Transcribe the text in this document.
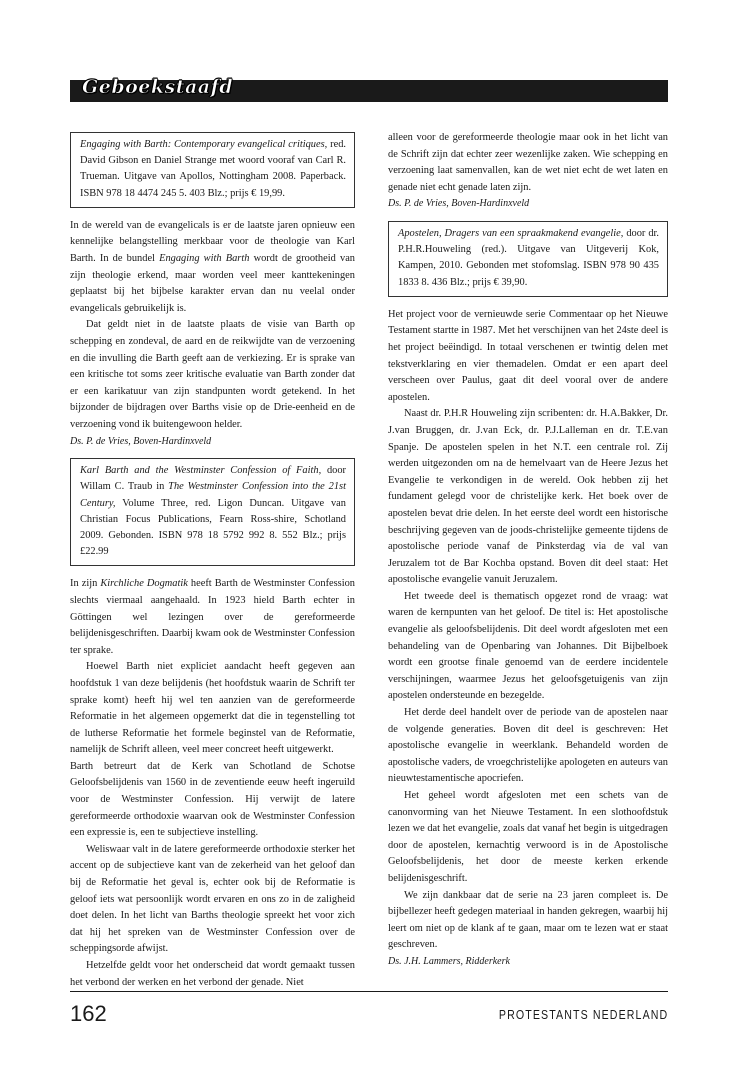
Geboekstaafd
Engaging with Barth: Contemporary evangelical critiques, red. David Gibson en Daniel Strange met woord vooraf van Carl R. Trueman. Uitgave van Apollos, Nottingham 2008. Paperback. ISBN 978 18 4474 245 5. 403 Blz.; prijs € 19,99.

In de wereld van de evangelicals is er de laatste jaren opnieuw een kennelijke belangstelling merkbaar voor de theologie van Karl Barth. In de bundel Engaging with Barth wordt de grootheid van zijn theologie erkend, maar worden veel meer kanttekeningen geplaatst bij het bijbelse karakter ervan dan nu veelal onder evangelicals gebruikelijk is.

Dat geldt niet in de laatste plaats de visie van Barth op schepping en zondeval, de aard en de reikwijdte van de verzoening en die invulling die Barth geeft aan de verkiezing. Er is sprake van een kritische tot soms zeer kritische evaluatie van Barth zonder dat er een karikatuur van zijn standpunten wordt getekend. In het bijzonder de bijdragen over Barths visie op de Drie-eenheid en de verzoening vond ik buitengewoon helder.

Ds. P. de Vries, Boven-Hardinxveld

Karl Barth and the Westminster Confession of Faith, door Willam C. Traub in The Westminster Confession into the 21st Century, Volume Three, red. Ligon Duncan. Uitgave van Christian Focus Publications, Fearn Ross-shire, Schotland 2009. Gebonden. ISBN 978 18 5792 992 8. 552 Blz.; prijs £22.99

In zijn Kirchliche Dogmatik heeft Barth de Westminster Confession slechts viermaal aangehaald. In 1923 hield Barth echter in Göttingen wel lezingen over de gereformeerde belijdenisgeschriften. Daarbij kwam ook de Westminster Confession ter sprake.

Hoewel Barth niet expliciet aandacht heeft gegeven aan hoofdstuk 1 van deze belijdenis (het hoofdstuk waarin de Schrift ter sprake komt) heeft hij wel ten aanzien van de gereformeerde Reformatie in het algemeen opgemerkt dat die in tegenstelling tot de lutherse Reformatie het formele beginstel van de Reformatie, namelijk de Schrift alleen, veel meer concreet heeft uitgewerkt.

Barth betreurt dat de Kerk van Schotland de Schotse Geloofsbelijdenis van 1560 in de zeventiende eeuw heeft ingeruild voor de Westminster Confession. Hij verwijt de latere gereformeerde orthodoxie waarvan ook de Westminster Confession een expressie is, een te subjectieve instelling.

Weliswaar valt in de latere gereformeerde orthodoxie sterker het accent op de subjectieve kant van de zekerheid van het geloof dan bij de Reformatie het geval is, echter ook bij de Reformatie is geloof iets wat persoonlijk wordt ervaren en ons zo in de zaligheid doet delen. In het licht van Barths theologie spreekt het voor zich dat hij het spreken van de Westminster Confession over de scheppingsorde afwijst.

Hetzelfde geldt voor het onderscheid dat wordt gemaakt tussen het verbond der werken en het verbond der genade. Niet

alleen voor de gereformeerde theologie maar ook in het licht van de Schrift zijn dat echter zeer wezenlijke zaken. Wie schepping en verzoening laat samenvallen, kan de wet niet echt de wet laten en genade niet echt genade laten zijn.

Ds. P. de Vries, Boven-Hardinxveld

Apostelen, Dragers van een spraakmakend evangelie, door dr. P.H.R.Houweling (red.). Uitgave van Uitgeverij Kok, Kampen, 2010. Gebonden met stofomslag. ISBN 978 90 435 1833 8. 436 Blz.; prijs € 39,90.

Het project voor de vernieuwde serie Commentaar op het Nieuwe Testament startte in 1987. Met het verschijnen van het 24ste deel is het project beëindigd. In totaal verschenen er twintig delen met tekstverklaring en vier themadelen. Omdat er een apart deel verscheen over Paulus, gaat dit deel vooral over de andere apostelen.

Naast dr. P.H.R Houweling zijn scribenten: dr. H.A.Bakker, Dr. J.van Bruggen, dr. J.van Eck, dr. P.J.Lalleman en dr. T.E.van Spanje. De apostelen spelen in het N.T. een centrale rol. Zij werden uitgezonden om na de hemelvaart van de Heere Jezus het Evangelie te verkondigen in de wereld. Ook hebben zij het fundament gelegd voor de christelijke kerk. Het boek over de apostelen bevat drie delen. In het eerste deel wordt een historische beschrijving gegeven van de joods-christelijke gemeente tijdens de apostolische periode vanaf de Pinksterdag via de val van Jeruzalem tot de Bar Kochba opstand. Boven dit deel staat: Het apostolische evangelie vanuit Jeruzalem.

Het tweede deel is thematisch opgezet rond de vraag: wat waren de kernpunten van het geloof. De titel is: Het apostolische evangelie als geloofsbelijdenis. Dit deel wordt afgesloten met een behandeling van de Openbaring van Johannes. Dit Bijbelboek wordt een grootse finale genoemd van de eerdere incidentele verschijningen, waarmee Jezus het geloofsgetuigenis van zijn apostelen ondersteunde en bezegelde.

Het derde deel handelt over de periode van de apostelen naar de volgende generaties. Boven dit deel is geschreven: Het apostolische evangelie in weerklank. Behandeld worden de apostolische vaders, de vroegchristelijke apologeten en auteurs van nieuwtestamentische apocriefen.

Het geheel wordt afgesloten met een schets van de canonvorming van het Nieuwe Testament. In een slothoofdstuk lezen we dat het evangelie, zoals dat vanaf het begin is uitgedragen door de apostelen, kernachtig verwoord is in de Apostolische Geloofsbelijdenis, het door de meeste kerken erkende belijdenisgeschrift.

We zijn dankbaar dat de serie na 23 jaren compleet is. De bijbellezer heeft gedegen materiaal in handen gekregen, waarbij hij leert om niet op de klank af te gaan, maar om te lezen wat er staat geschreven.

Ds. J.H. Lammers, Ridderkerk

162	PROTESTANTS NEDERLAND
